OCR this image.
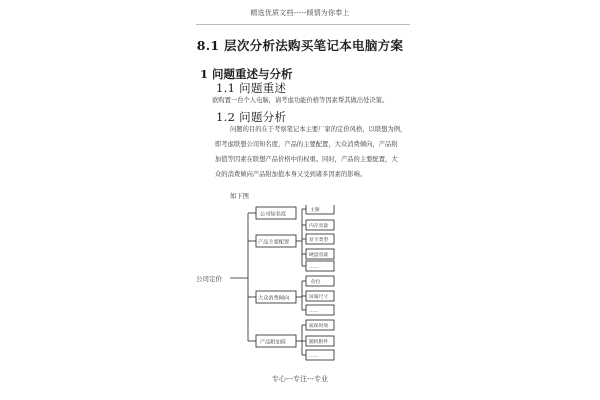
精选优质文档-----倾情为你奉上
8.1 层次分析法购买笔记本电脑方案
1 问题重述与分析
1.1 问题重述
欲购置一台个人电脑，请考虑功能价格等因素帮其做出处决策。
1.2 问题分析
问题的目的在于考察笔记本主要厂家的定价风格，以联想为例，
即考虑联想公司知名度，产品的主要配置，大众消费倾向，产品附
加值等因素在联想产品价格中的权重。同时，产品的主要配置，大
众的消费倾向产品附加值本身又受到诸多因素的影响。
如下图
公司定价
公司知名度
产品主要配置
大众消费倾向
产品附加值
主频
内存容量
显卡类型
硬盘容量
……
价位
屏幕尺寸
……
质保时效
随机附件
……
专心---专注---专业
